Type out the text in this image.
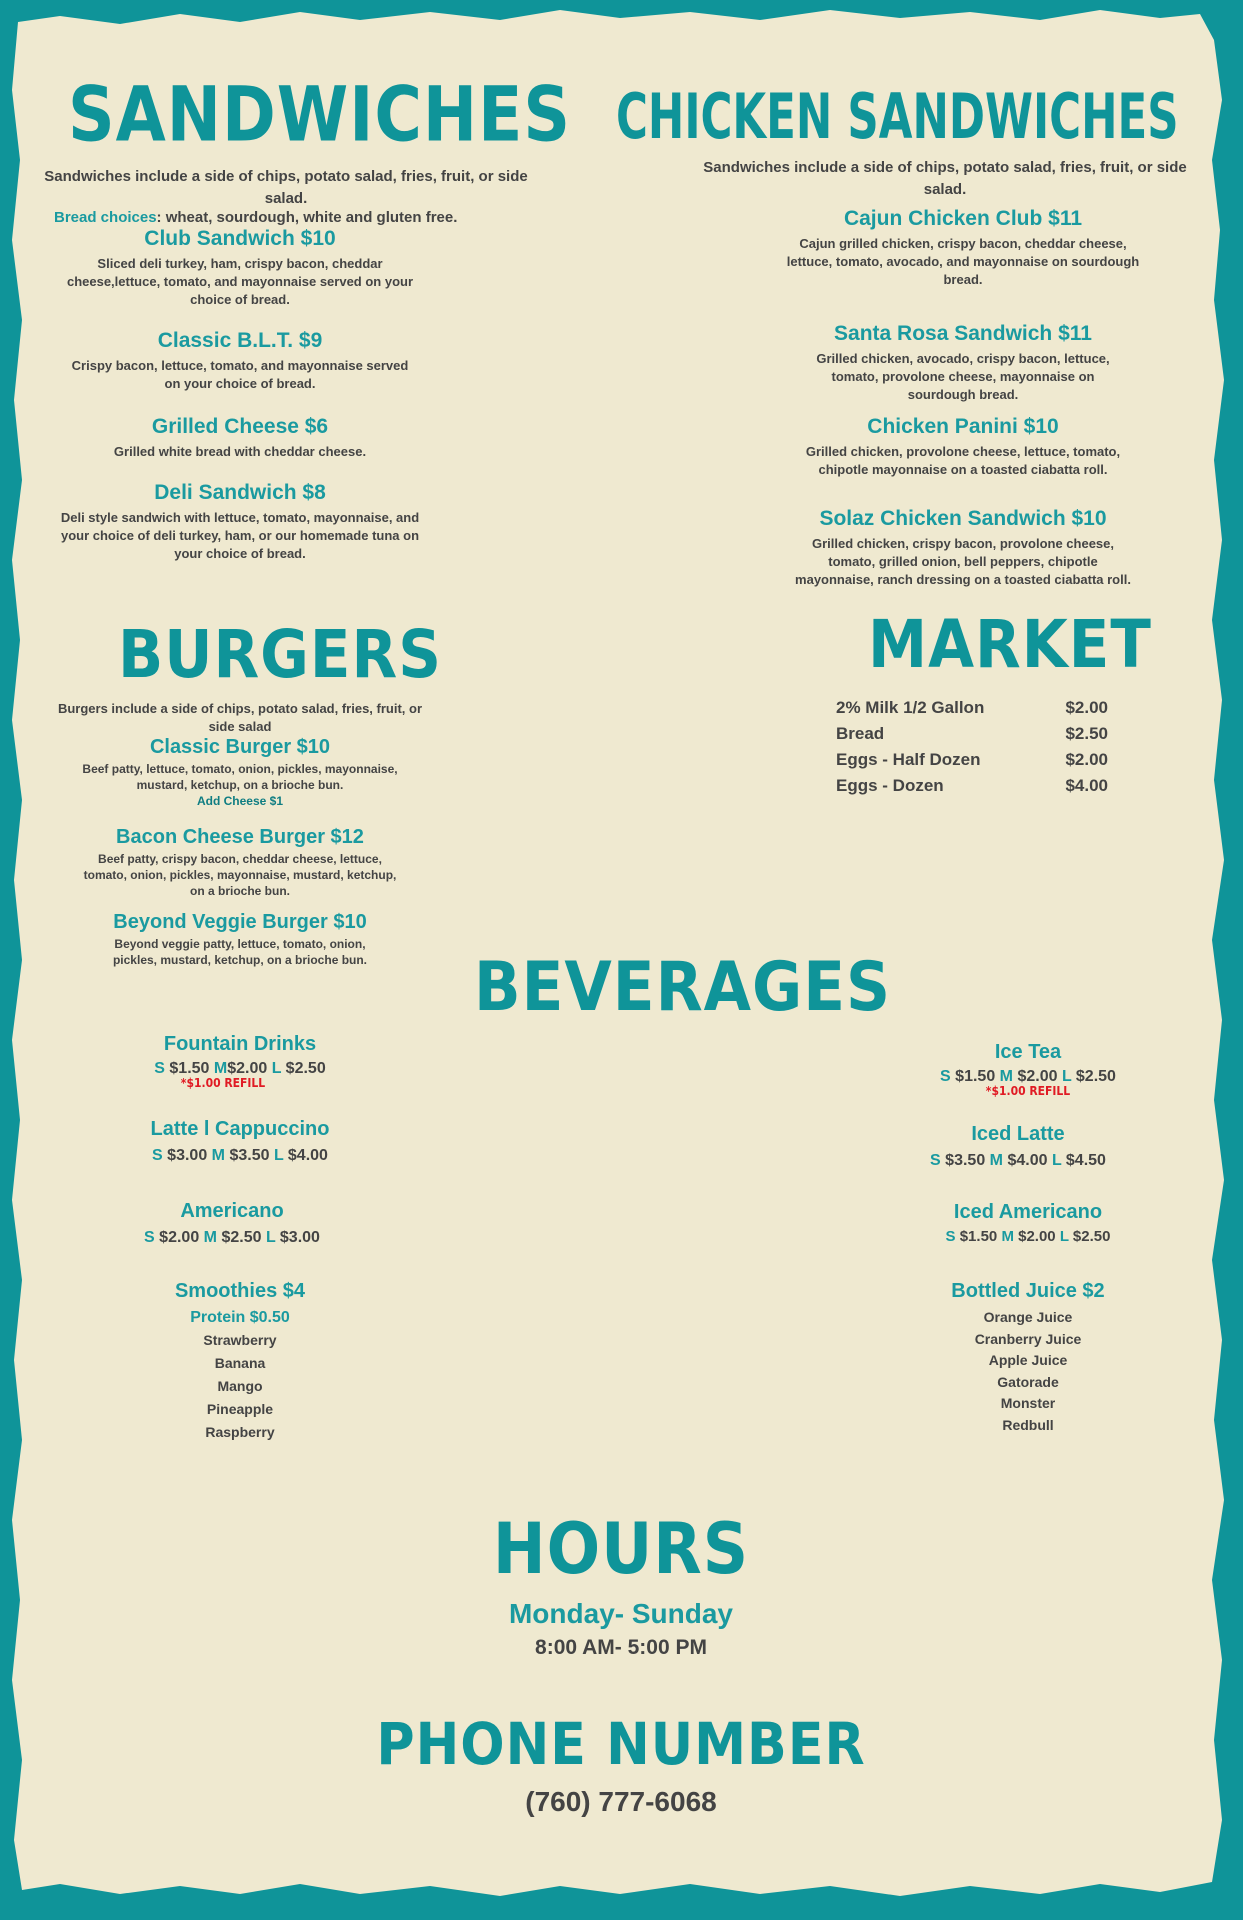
SANDWICHES
Sandwiches include a side of chips, potato salad, fries, fruit, or side salad.
Bread choices: wheat, sourdough, white and gluten free.
Club Sandwich $10
Sliced deli turkey, ham, crispy bacon, cheddar cheese,lettuce, tomato, and mayonnaise served on your choice of bread.
Classic B.L.T. $9
Crispy bacon, lettuce, tomato, and mayonnaise served on your choice of bread.
Grilled Cheese $6
Grilled white bread with cheddar cheese.
Deli Sandwich $8
Deli style sandwich with lettuce, tomato, mayonnaise, and your choice of deli turkey, ham, or our homemade tuna on your choice of bread.
CHICKEN SANDWICHES
Sandwiches include a side of chips, potato salad, fries, fruit, or side salad.
Cajun Chicken Club $11
Cajun grilled chicken, crispy bacon, cheddar cheese, lettuce, tomato, avocado, and mayonnaise on sourdough bread.
Santa Rosa Sandwich $11
Grilled chicken, avocado, crispy bacon, lettuce, tomato, provolone cheese, mayonnaise on sourdough bread.
Chicken Panini $10
Grilled chicken, provolone cheese, lettuce, tomato, chipotle mayonnaise on a toasted ciabatta roll.
Solaz Chicken Sandwich $10
Grilled chicken, crispy bacon, provolone cheese, tomato, grilled onion, bell peppers, chipotle mayonnaise, ranch dressing on a toasted ciabatta roll.
BURGERS
Burgers include a side of chips, potato salad, fries, fruit, or side salad
Classic Burger $10
Beef patty, lettuce, tomato, onion, pickles, mayonnaise, mustard, ketchup, on a brioche bun.
Add Cheese $1
Bacon Cheese Burger $12
Beef patty, crispy bacon, cheddar cheese, lettuce, tomato, onion, pickles, mayonnaise, mustard, ketchup, on a brioche bun.
Beyond Veggie Burger $10
Beyond veggie patty, lettuce, tomato, onion, pickles, mustard, ketchup, on a brioche bun.
MARKET
2% Milk 1/2 Gallon	$2.00
Bread	$2.50
Eggs - Half Dozen	$2.00
Eggs - Dozen	$4.00
BEVERAGES
Fountain Drinks
S $1.50 M$2.00 L $2.50
*$1.00 REFILL
Latte l Cappuccino
S $3.00 M $3.50 L $4.00
Americano
S $2.00 M $2.50 L $3.00
Smoothies $4
Protein $0.50
Strawberry
Banana
Mango
Pineapple
Raspberry
Ice Tea
S $1.50 M $2.00 L $2.50
*$1.00 REFILL
Iced Latte
S $3.50 M $4.00 L $4.50
Iced Americano
S $1.50 M $2.00 L $2.50
Bottled Juice $2
Orange Juice
Cranberry Juice
Apple Juice
Gatorade
Monster
Redbull
HOURS
Monday- Sunday
8:00 AM- 5:00 PM
PHONE NUMBER
(760) 777-6068
